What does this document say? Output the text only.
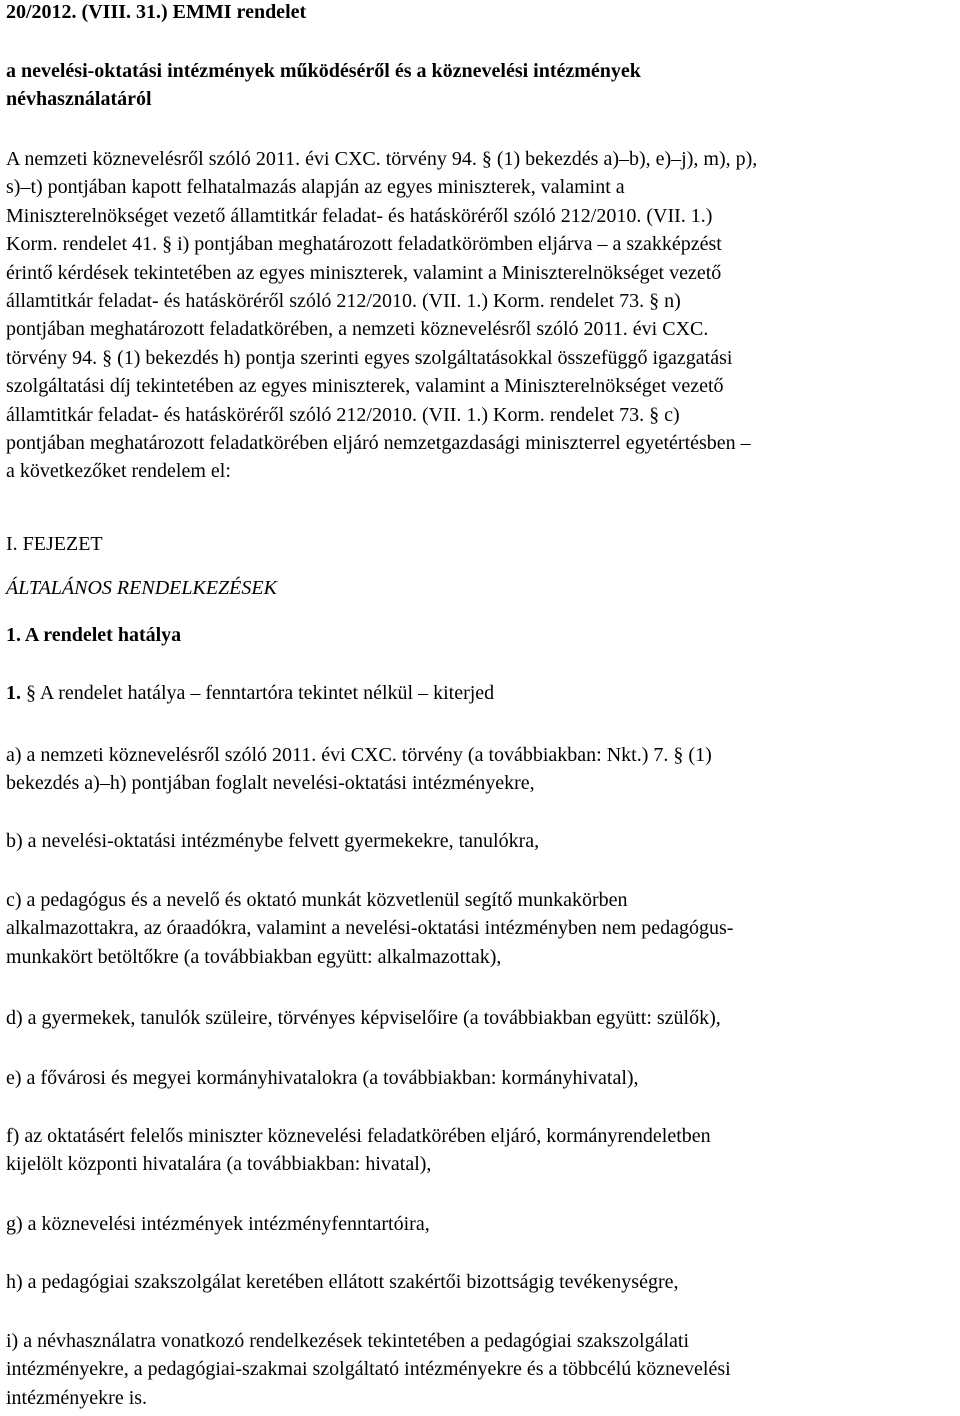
20/2012. (VIII. 31.) EMMI rendelet
a nevelési-oktatási intézmények működéséről és a köznevelési intézmények
névhasználatáról
A nemzeti köznevelésről szóló 2011. évi CXC. törvény 94. § (1) bekezdés a)–b), e)–j), m), p),
s)–t) pontjában kapott felhatalmazás alapján az egyes miniszterek, valamint a
Miniszterelnökséget vezető államtitkár feladat- és hatásköréről szóló 212/2010. (VII. 1.)
Korm. rendelet 41. § i) pontjában meghatározott feladatkörömben eljárva – a szakképzést
érintő kérdések tekintetében az egyes miniszterek, valamint a Miniszterelnökséget vezető
államtitkár feladat- és hatásköréről szóló 212/2010. (VII. 1.) Korm. rendelet 73. § n)
pontjában meghatározott feladatkörében, a nemzeti köznevelésről szóló 2011. évi CXC.
törvény 94. § (1) bekezdés h) pontja szerinti egyes szolgáltatásokkal összefüggő igazgatási
szolgáltatási díj tekintetében az egyes miniszterek, valamint a Miniszterelnökséget vezető
államtitkár feladat- és hatásköréről szóló 212/2010. (VII. 1.) Korm. rendelet 73. § c)
pontjában meghatározott feladatkörében eljáró nemzetgazdasági miniszterrel egyetértésben –
a következőket rendelem el:
I. FEJEZET
ÁLTALÁNOS RENDELKEZÉSEK
1. A rendelet hatálya
1. § A rendelet hatálya – fenntartóra tekintet nélkül – kiterjed
a) a nemzeti köznevelésről szóló 2011. évi CXC. törvény (a továbbiakban: Nkt.) 7. § (1)
bekezdés a)–h) pontjában foglalt nevelési-oktatási intézményekre,
b) a nevelési-oktatási intézménybe felvett gyermekekre, tanulókra,
c) a pedagógus és a nevelő és oktató munkát közvetlenül segítő munkakörben
alkalmazottakra, az óraadókra, valamint a nevelési-oktatási intézményben nem pedagógus-
munkakört betöltőkre (a továbbiakban együtt: alkalmazottak),
d) a gyermekek, tanulók szüleire, törvényes képviselőire (a továbbiakban együtt: szülők),
e) a fővárosi és megyei kormányhivatalokra (a továbbiakban: kormányhivatal),
f) az oktatásért felelős miniszter köznevelési feladatkörében eljáró, kormányrendeletben
kijelölt központi hivatalára (a továbbiakban: hivatal),
g) a köznevelési intézmények intézményfenntartóira,
h) a pedagógiai szakszolgálat keretében ellátott szakértői bizottságig tevékenységre,
i) a névhasználatra vonatkozó rendelkezések tekintetében a pedagógiai szakszolgálati
intézményekre, a pedagógiai-szakmai szolgáltató intézményekre és a többcélú köznevelési
intézményekre is.
